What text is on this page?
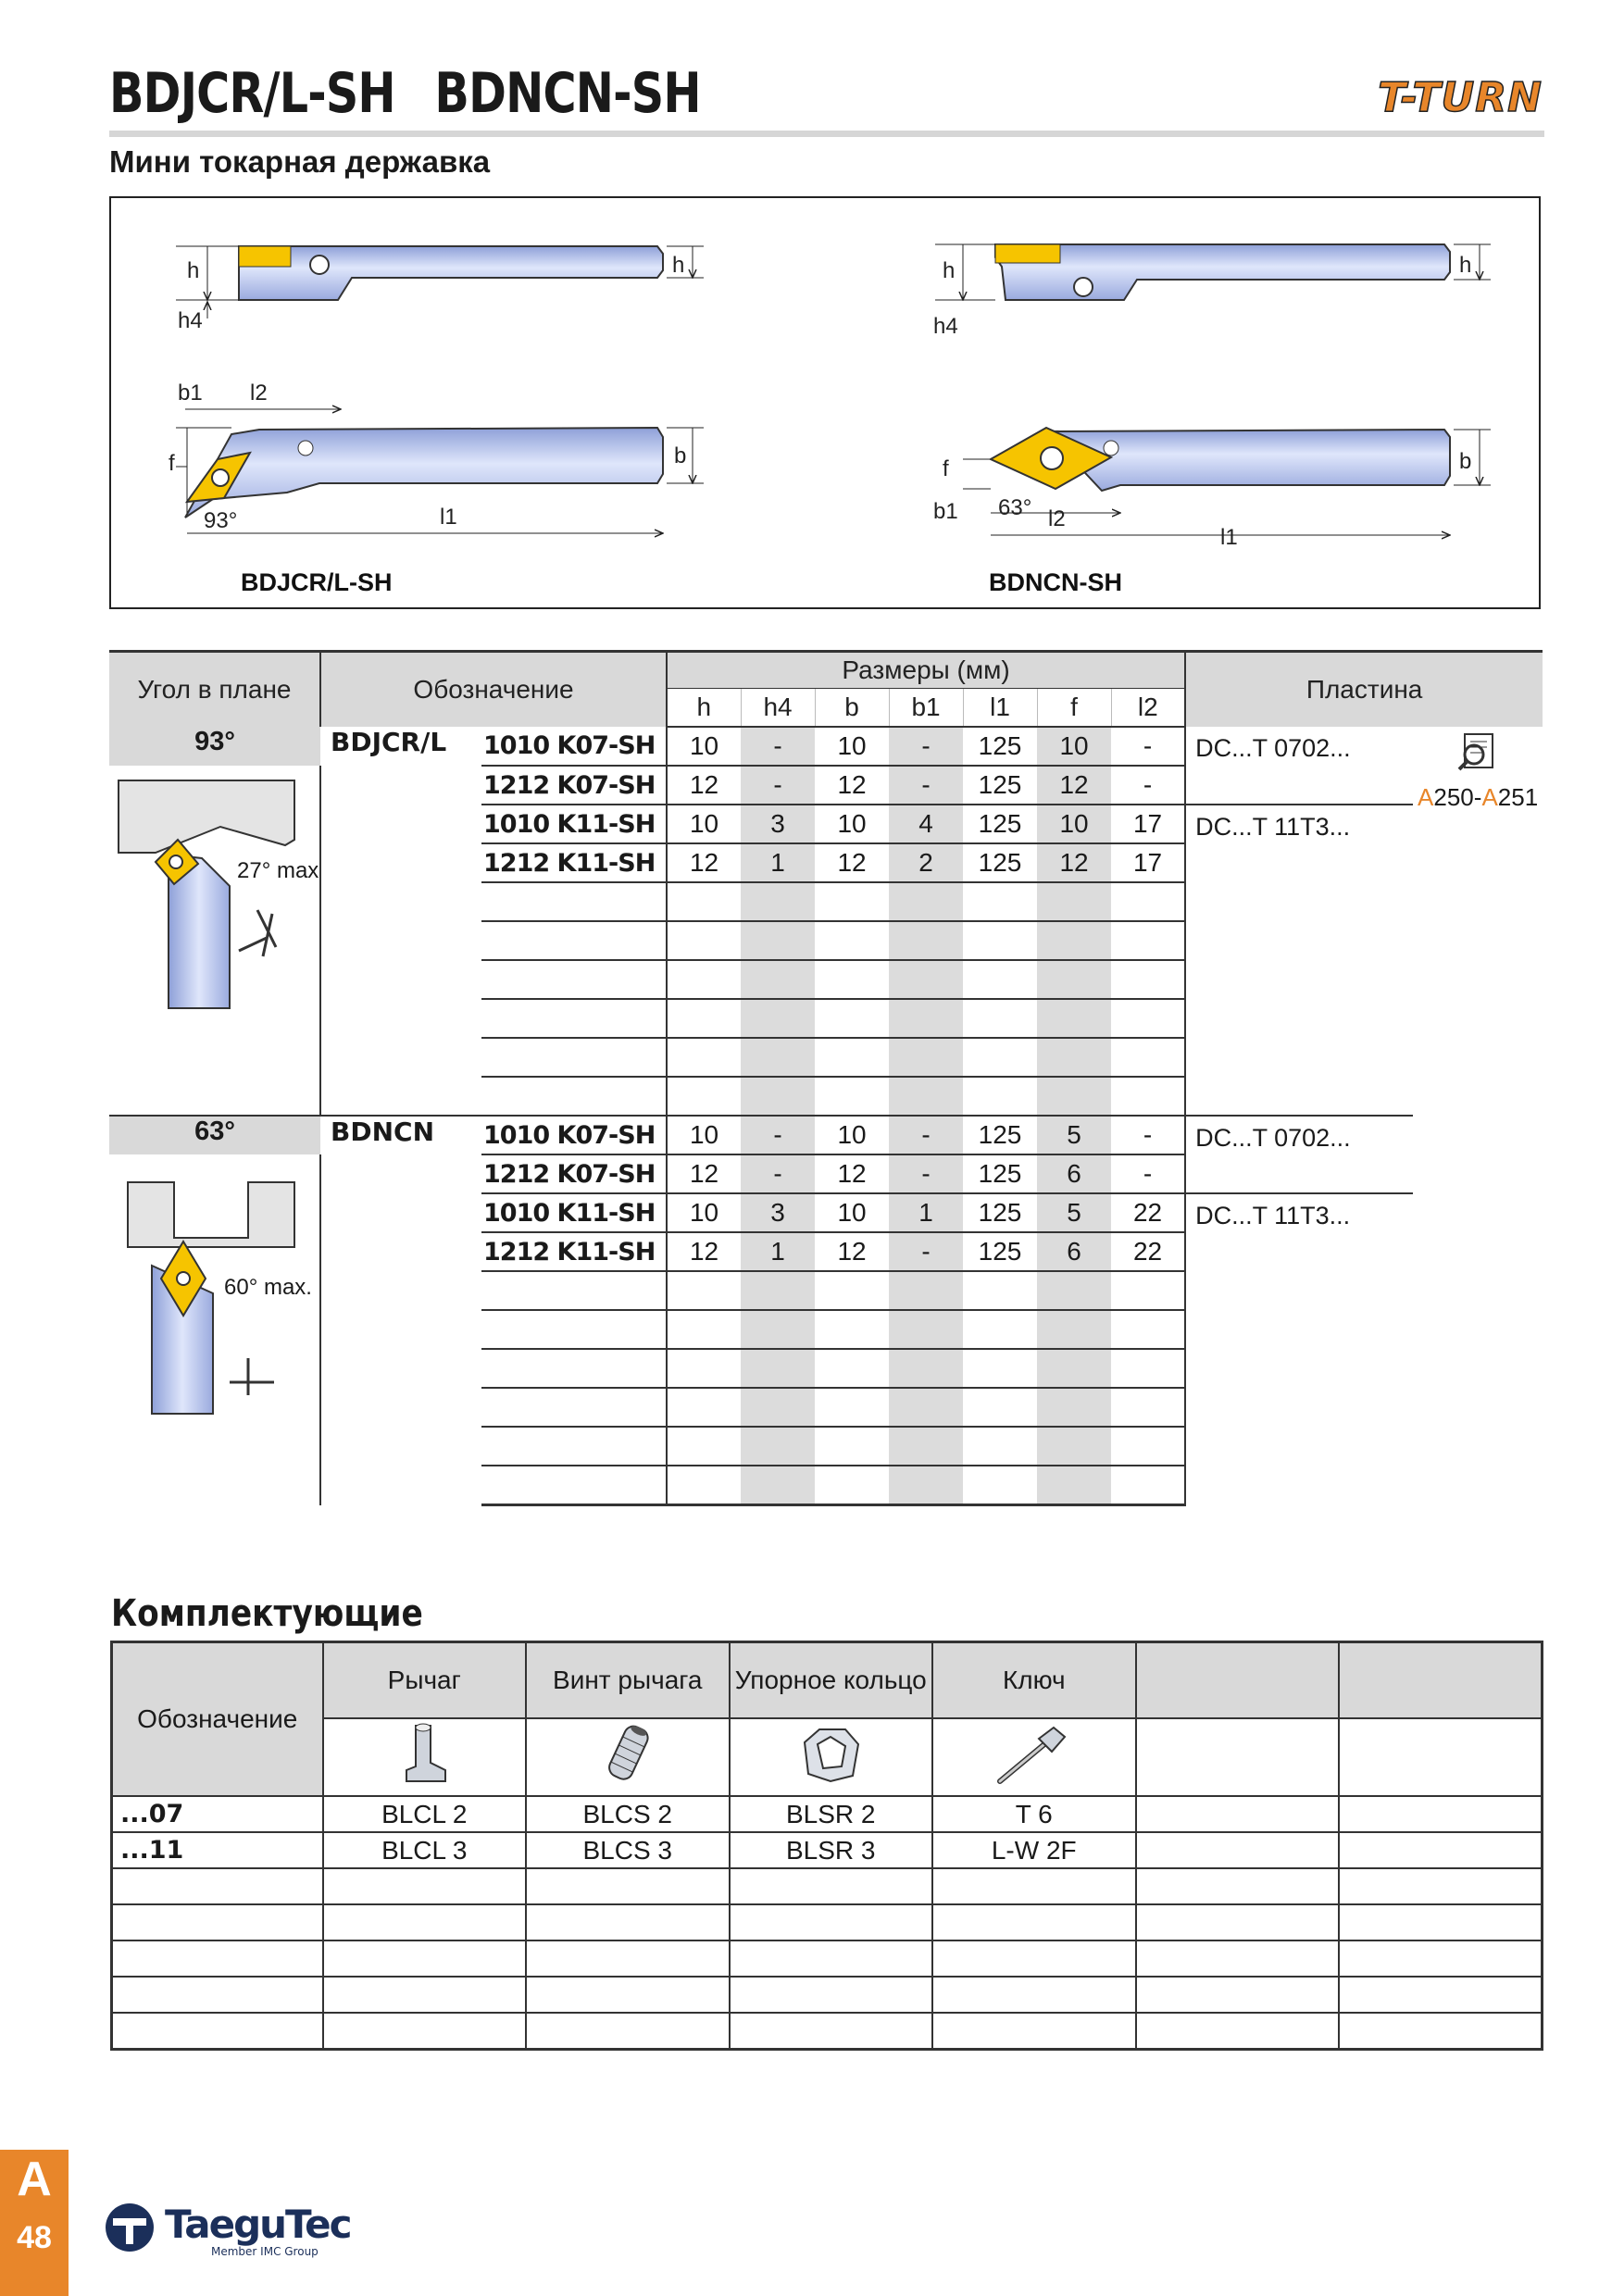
BDJCR/L-SH BDNCN-SH	T-TURN
Мини токарная державка
h
h4
h
b1
f
l2
b
l1
93°
BDJCR/L-SH
h
h4
h
b
f
b1	l2
l1
63°
BDNCN-SH
Угол в плане	Обозначение		Размеры (мм)							Пластина	
			h	h4	b	b1	l1	f	l2		
93°	BDJCR/L	1010 K07-SH	10	-	10	-	125	10	-	DC...T 0702...	A250-A251

27° max		1212 K07-SH	12	-	12	-	125	12	-		
		1010 K11-SH	10	3	10	4	125	10	17	DC...T 11T3...	
		1212 K11-SH	12	1	12	2	125	12	17		

63°	BDNCN	1010 K07-SH	10	-	10	-	125	5	-	DC...T 0702...	

60° max.		1212 K07-SH	12	-	12	-	125	6	-		
		1010 K11-SH	10	3	10	1	125	5	22	DC...T 11T3...	
		1212 K11-SH	12	1	12	-	125	6	22		

Комплектующие
Обозначение	Рычаг	Винт рычага	Упорное кольцо	Ключ		

...07	BLCL 2	BLCS 2	BLSR 2	T 6		
...11	BLCL 3	BLCS 3	BLSR 3	L-W 2F		

A
48	TaeguTec
Member IMC Group
